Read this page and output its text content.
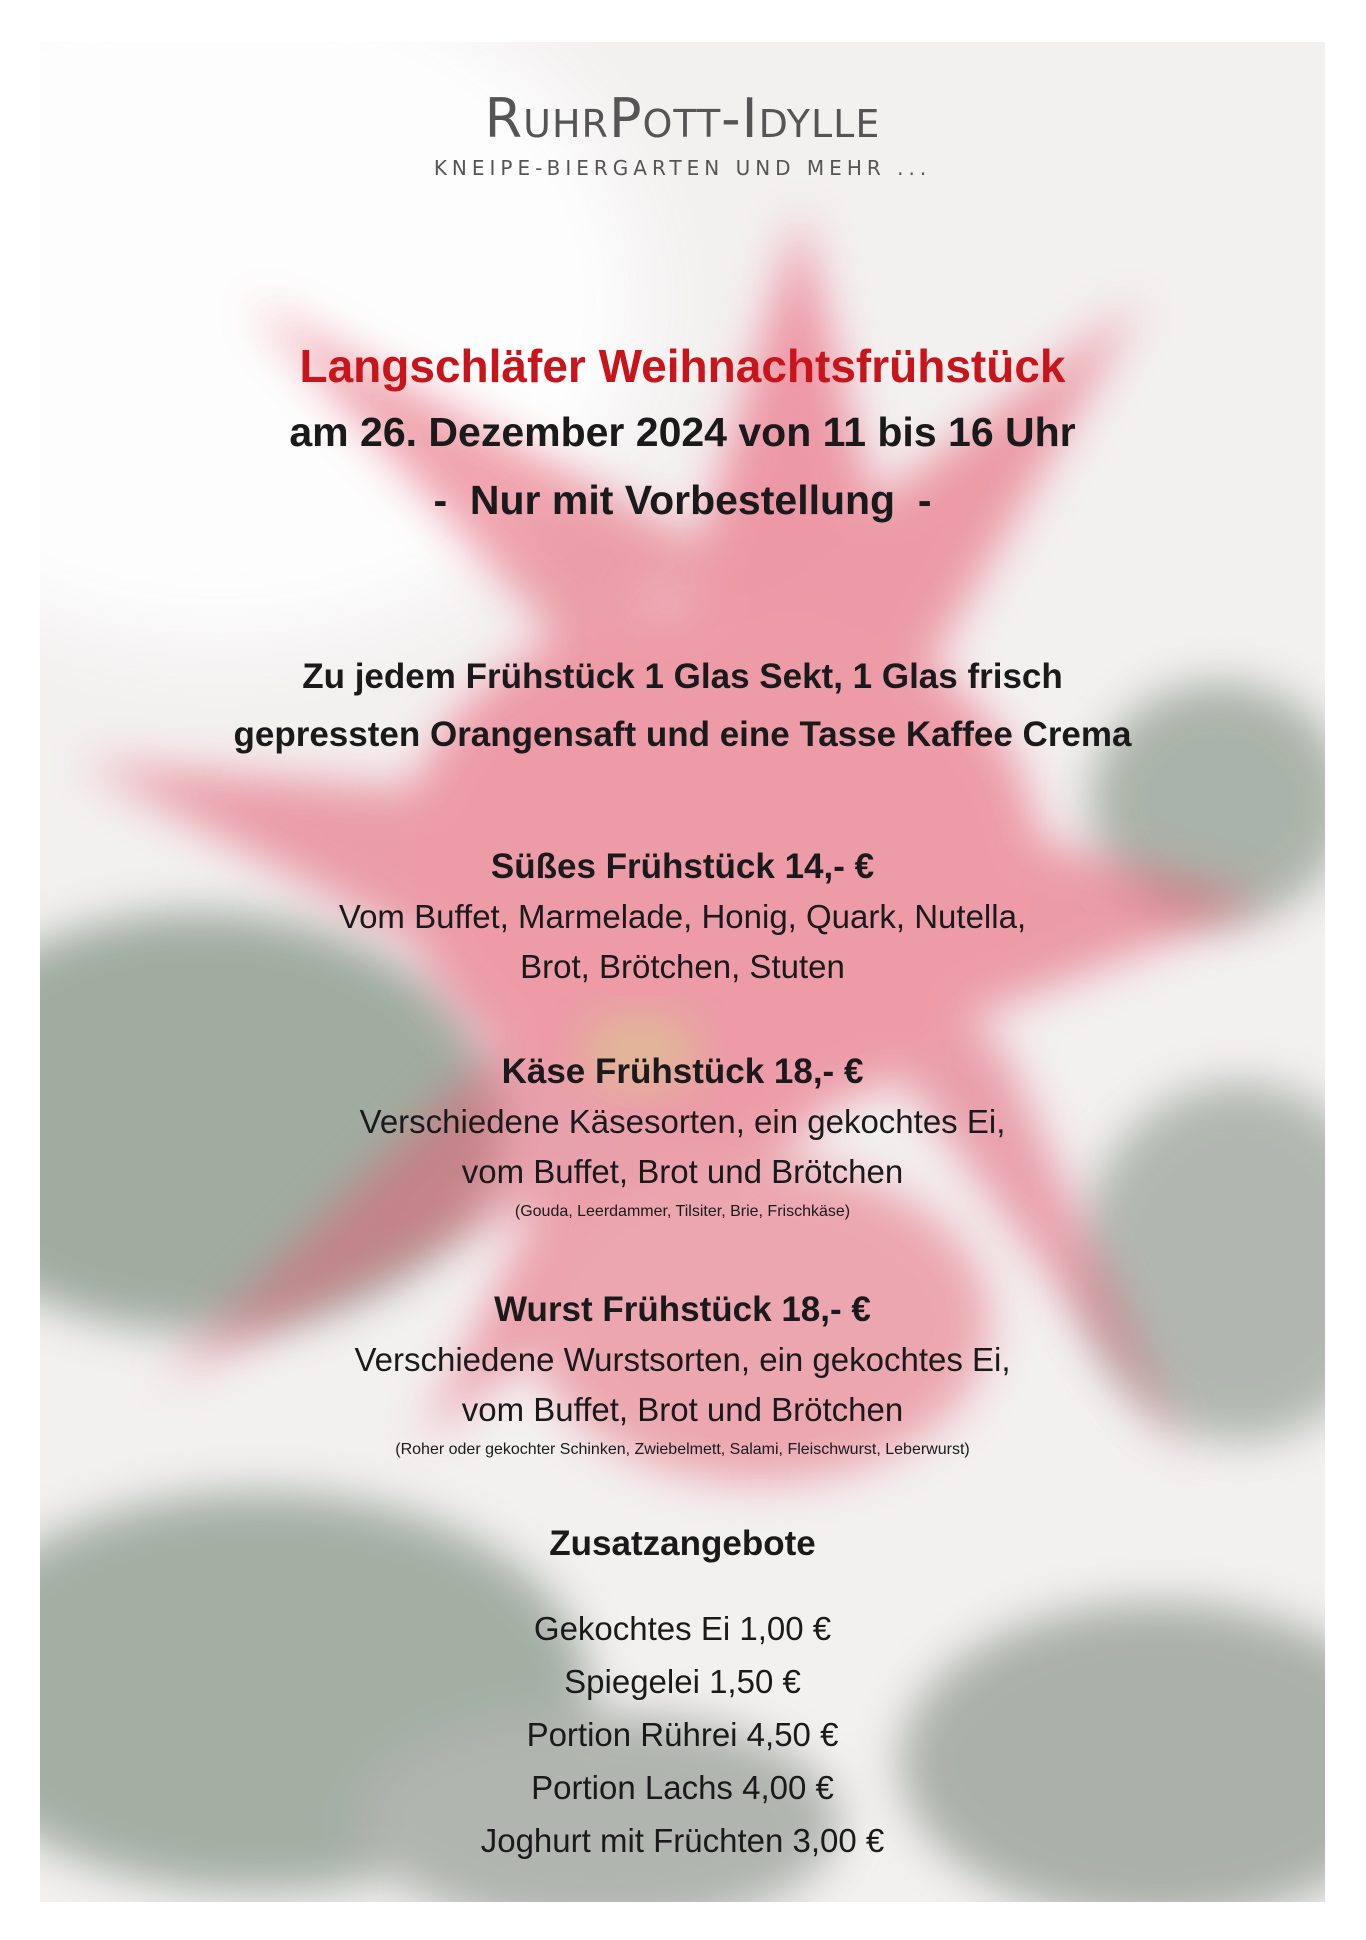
RuhrPott-Idylle
KNEIPE-BIERGARTEN UND MEHR ...
Langschläfer Weihnachtsfrühstück
am 26. Dezember 2024 von 11 bis 16 Uhr
-  Nur mit Vorbestellung  -
Zu jedem Frühstück 1 Glas Sekt, 1 Glas frisch
gepressten Orangensaft und eine Tasse Kaffee Crema
Süßes Frühstück 14,- €
Vom Buffet, Marmelade, Honig, Quark, Nutella,
Brot, Brötchen, Stuten
Käse Frühstück 18,- €
Verschiedene Käsesorten, ein gekochtes Ei,
vom Buffet, Brot und Brötchen
(Gouda, Leerdammer, Tilsiter, Brie, Frischkäse)
Wurst Frühstück 18,- €
Verschiedene Wurstsorten, ein gekochtes Ei,
vom Buffet, Brot und Brötchen
(Roher oder gekochter Schinken, Zwiebelmett, Salami, Fleischwurst, Leberwurst)
Zusatzangebote
Gekochtes Ei 1,00 €
Spiegelei 1,50 €
Portion Rührei 4,50 €
Portion Lachs 4,00 €
Joghurt mit Früchten 3,00 €
